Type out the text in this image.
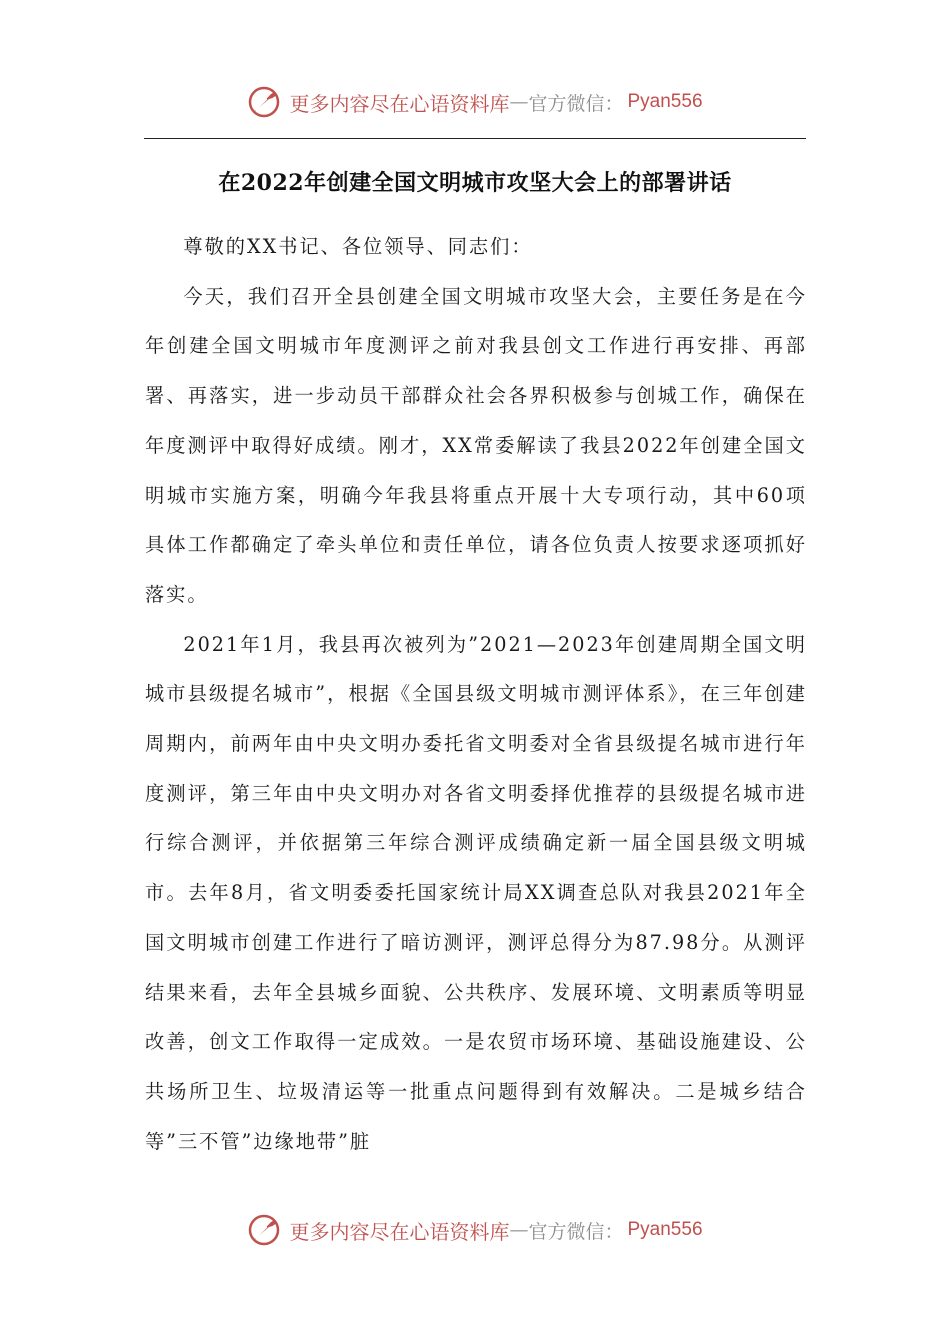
更多内容尽在心语资料库 — 官方微信： Pyan556
在2022年创建全国文明城市攻坚大会上的部署讲话

尊敬的XX书记、各位领导、同志们：

今天，我们召开全县创建全国文明城市攻坚大会，主要任务是在今年创建全国文明城市年度测评之前对我县创文工作进行再安排、再部署、再落实，进一步动员干部群众社会各界积极参与创城工作，确保在年度测评中取得好成绩。刚才，XX常委解读了我县2022年创建全国文明城市实施方案，明确今年我县将重点开展十大专项行动，其中60项具体工作都确定了牵头单位和责任单位，请各位负责人按要求逐项抓好落实。

2021年1月，我县再次被列为”2021—2023年创建周期全国文明城市县级提名城市”，根据《全国县级文明城市测评体系》，在三年创建周期内，前两年由中央文明办委托省文明委对全省县级提名城市进行年度测评，第三年由中央文明办对各省文明委择优推荐的县级提名城市进行综合测评，并依据第三年综合测评成绩确定新一届全国县级文明城市。去年8月，省文明委委托国家统计局XX调查总队对我县2021年全国文明城市创建工作进行了暗访测评，测评总得分为87.98分。从测评结果来看，去年全县城乡面貌、公共秩序、发展环境、文明素质等明显改善，创文工作取得一定成效。一是农贸市场环境、基础设施建设、公共场所卫生、垃圾清运等一批重点问题得到有效解决。二是城乡结合等”三不管”边缘地带”脏

更多内容尽在心语资料库 — 官方微信： Pyan556
